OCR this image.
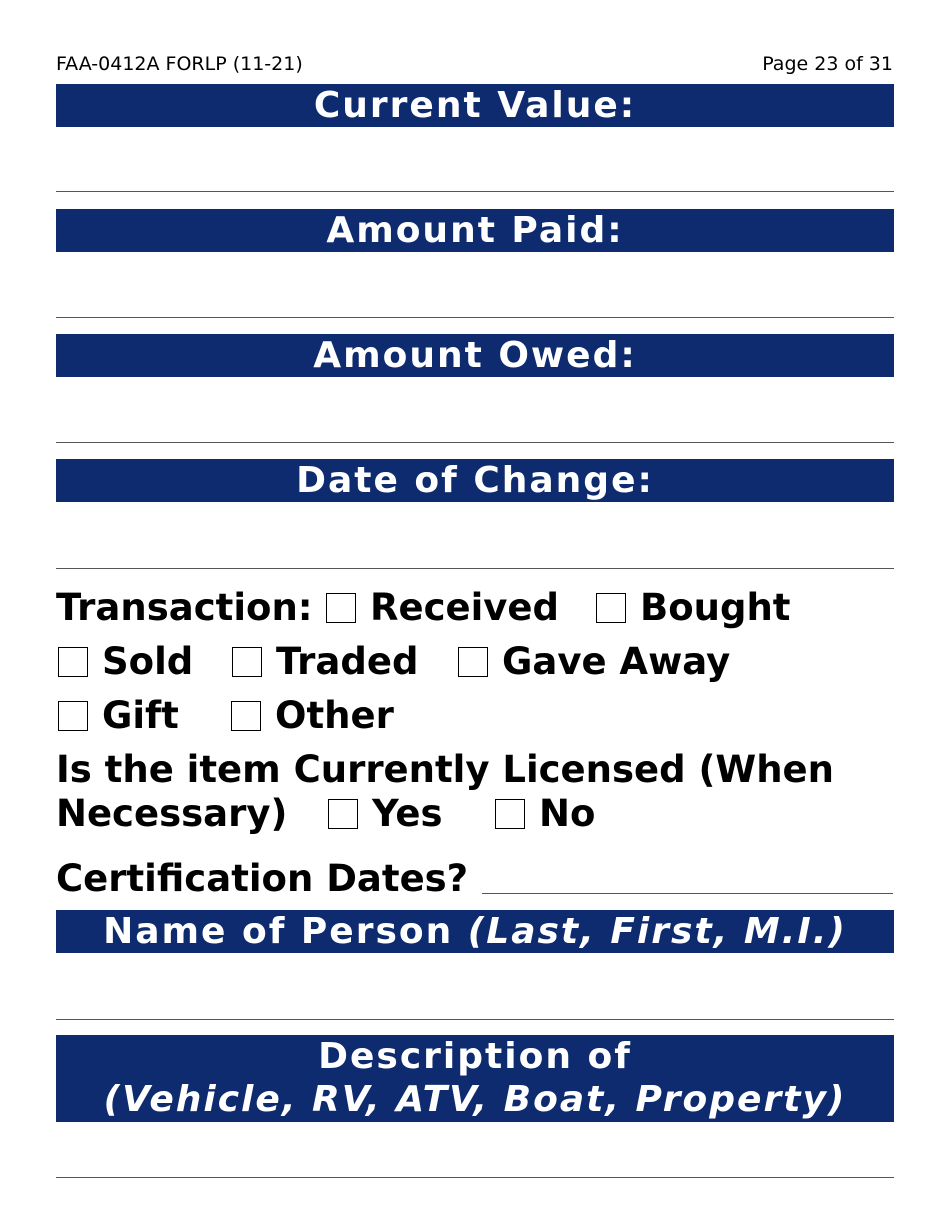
FAA-0412A FORLP (11-21)	Page 23 of 31
Current Value:
Amount Paid:
Amount Owed:
Date of Change:
Transaction: Received Bought
Sold Traded Gave Away
Gift	Other
Is the item Currently Licensed (When
Necessary) Yes	No
Certification Dates?
Name of Person (Last, First, M.I.)
Description of
(Vehicle, RV, ATV, Boat, Property)
